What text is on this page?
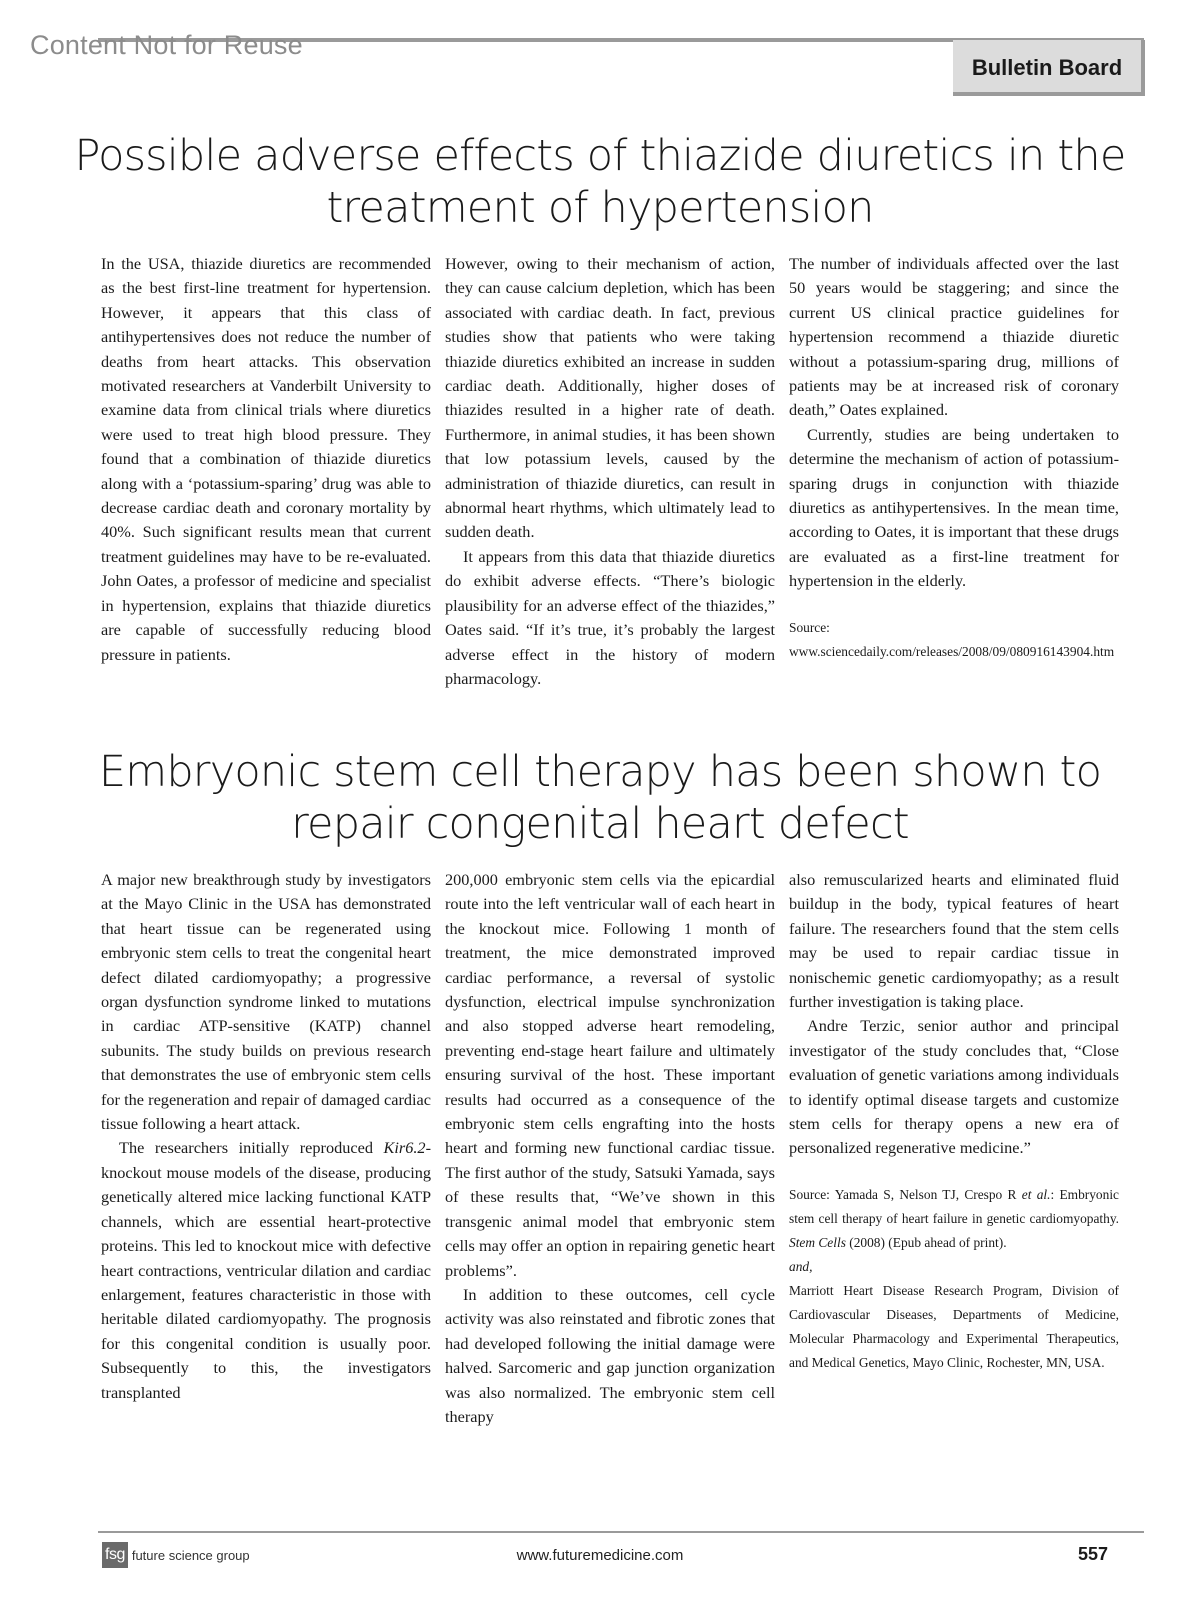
Content Not for Reuse
Bulletin Board
Possible adverse effects of thiazide diuretics in the
treatment of hypertension

In the USA, thiazide diuretics are recommended as the best first-line treatment for hypertension. However, it appears that this class of antihypertensives does not reduce the number of deaths from heart attacks. This observation motivated researchers at Vanderbilt University to examine data from clinical trials where diuretics were used to treat high blood pressure. They found that a combination of thiazide diuretics along with a ‘potassium-sparing’ drug was able to decrease cardiac death and coronary mortality by 40%. Such significant results mean that current treatment guidelines may have to be re-evaluated. John Oates, a professor of medicine and specialist in hypertension, explains that thiazide diuretics are capable of successfully reducing blood pressure in patients.

However, owing to their mechanism of action, they can cause calcium depletion, which has been associated with cardiac death. In fact, previous studies show that patients who were taking thiazide diuretics exhibited an increase in sudden cardiac death. Additionally, higher doses of thiazides resulted in a higher rate of death. Furthermore, in animal studies, it has been shown that low potassium levels, caused by the administration of thiazide diuretics, can result in abnormal heart rhythms, which ultimately lead to sudden death.

It appears from this data that thiazide diuretics do exhibit adverse effects. “There’s biologic plausibility for an adverse effect of the thiazides,” Oates said. “If it’s true, it’s probably the largest adverse effect in the history of modern pharmacology.

The number of individuals affected over the last 50 years would be staggering; and since the current US clinical practice guidelines for hypertension recommend a thiazide diuretic without a potassium-sparing drug, millions of patients may be at increased risk of coronary death,” Oates explained.

Currently, studies are being undertaken to determine the mechanism of action of potassium-sparing drugs in conjunction with thiazide diuretics as antihypertensives. In the mean time, according to Oates, it is important that these drugs are evaluated as a first-line treatment for hypertension in the elderly.

Source: www.sciencedaily.com/releases/2008/09/080916143904.htm

Embryonic stem cell therapy has been shown to
repair congenital heart defect

A major new breakthrough study by investigators at the Mayo Clinic in the USA has demonstrated that heart tissue can be regenerated using embryonic stem cells to treat the congenital heart defect dilated cardiomyopathy; a progressive organ dysfunction syndrome linked to mutations in cardiac ATP-sensitive (KATP) channel subunits. The study builds on previous research that demonstrates the use of embryonic stem cells for the regeneration and repair of damaged cardiac tissue following a heart attack.

The researchers initially reproduced Kir6.2-knockout mouse models of the disease, producing genetically altered mice lacking functional KATP channels, which are essential heart-protective proteins. This led to knockout mice with defective heart contractions, ventricular dilation and cardiac enlargement, features characteristic in those with heritable dilated cardiomyopathy. The prognosis for this congenital condition is usually poor. Subsequently to this, the investigators transplanted

200,000 embryonic stem cells via the epicardial route into the left ventricular wall of each heart in the knockout mice. Following 1 month of treatment, the mice demonstrated improved cardiac performance, a reversal of systolic dysfunction, electrical impulse synchronization and also stopped adverse heart remodeling, preventing end-stage heart failure and ultimately ensuring survival of the host. These important results had occurred as a consequence of the embryonic stem cells engrafting into the hosts heart and forming new functional cardiac tissue. The first author of the study, Satsuki Yamada, says of these results that, “We’ve shown in this transgenic animal model that embryonic stem cells may offer an option in repairing genetic heart problems”.

In addition to these outcomes, cell cycle activity was also reinstated and fibrotic zones that had developed following the initial damage were halved. Sarcomeric and gap junction organization was also normalized. The embryonic stem cell therapy

also remuscularized hearts and eliminated fluid buildup in the body, typical features of heart failure. The researchers found that the stem cells may be used to repair cardiac tissue in nonischemic genetic cardiomyopathy; as a result further investigation is taking place.

Andre Terzic, senior author and principal investigator of the study concludes that, “Close evaluation of genetic variations among individuals to identify optimal disease targets and customize stem cells for therapy opens a new era of personalized regenerative medicine.”

Source: Yamada S, Nelson TJ, Crespo R et al.: Embryonic stem cell therapy of heart failure in genetic cardiomyopathy. Stem Cells (2008) (Epub ahead of print).

and,

Marriott Heart Disease Research Program, Division of Cardiovascular Diseases, Departments of Medicine, Molecular Pharmacology and Experimental Therapeutics, and Medical Genetics, Mayo Clinic, Rochester, MN, USA.

fsg future science group	www.futuremedicine.com	557
